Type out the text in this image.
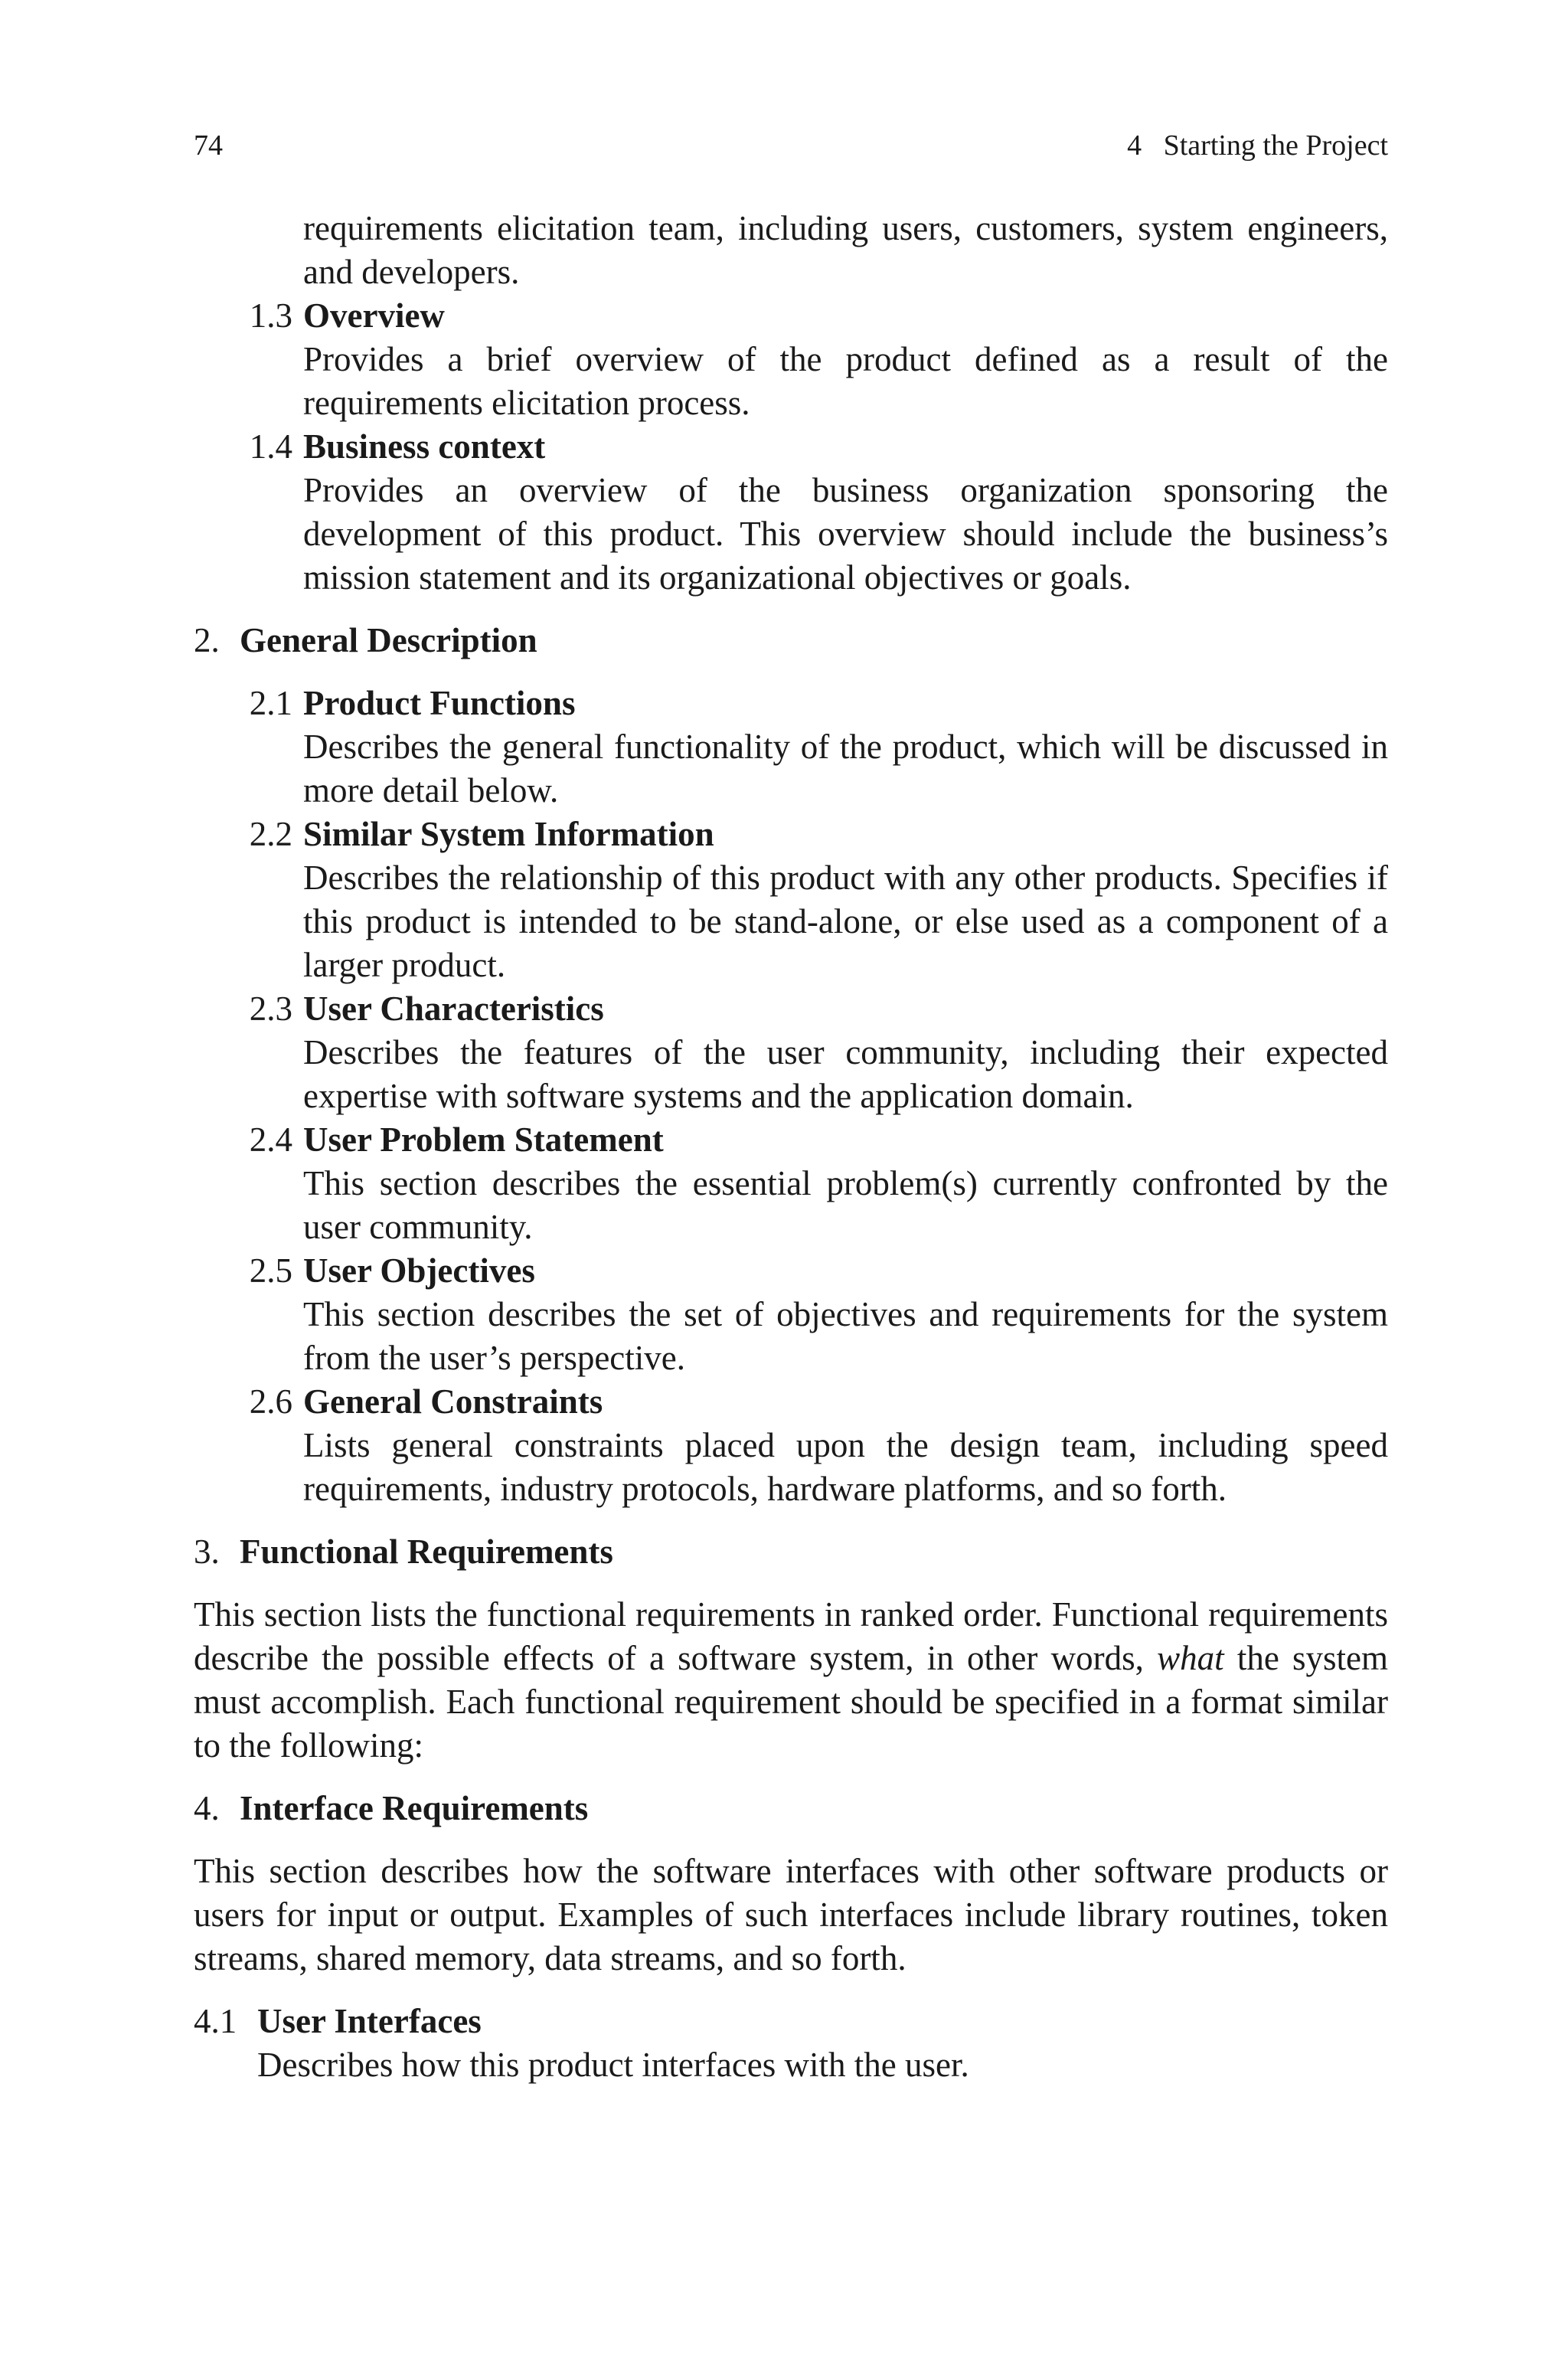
74	4   Starting the Project
requirements elicitation team, including users, customers, system engineers, and developers.
1.3 Overview
Provides a brief overview of the product defined as a result of the requirements elicitation process.
1.4 Business context
Provides an overview of the business organization sponsoring the development of this product. This overview should include the business’s mission statement and its organizational objectives or goals.
2. General Description
2.1 Product Functions
Describes the general functionality of the product, which will be discussed in more detail below.
2.2 Similar System Information
Describes the relationship of this product with any other products. Specifies if this product is intended to be stand-alone, or else used as a component of a larger product.
2.3 User Characteristics
Describes the features of the user community, including their expected expertise with software systems and the application domain.
2.4 User Problem Statement
This section describes the essential problem(s) currently confronted by the user community.
2.5 User Objectives
This section describes the set of objectives and requirements for the system from the user’s perspective.
2.6 General Constraints
Lists general constraints placed upon the design team, including speed requirements, industry protocols, hardware platforms, and so forth.
3. Functional Requirements
This section lists the functional requirements in ranked order. Functional requirements describe the possible effects of a software system, in other words, what the system must accomplish. Each functional requirement should be specified in a format similar to the following:
4. Interface Requirements
This section describes how the software interfaces with other software products or users for input or output. Examples of such interfaces include library routines, token streams, shared memory, data streams, and so forth.
4.1 User Interfaces
Describes how this product interfaces with the user.
